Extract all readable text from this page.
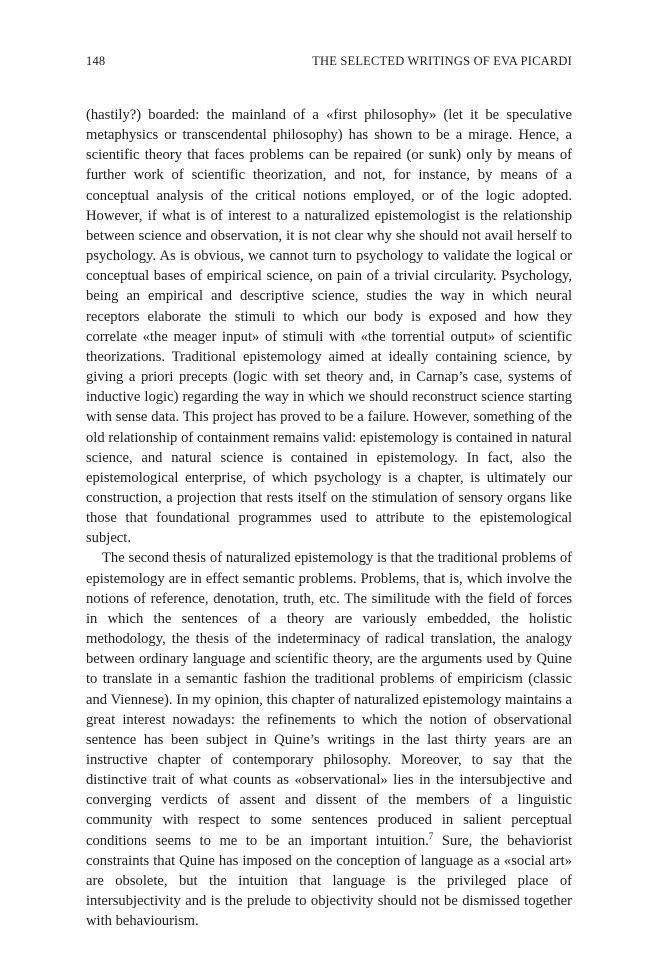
148	THE SELECTED WRITINGS OF EVA PICARDI

(hastily?) boarded: the mainland of a «first philosophy» (let it be speculative metaphysics or transcendental philosophy) has shown to be a mirage. Hence, a scientific theory that faces problems can be repaired (or sunk) only by means of further work of scientific theorization, and not, for instance, by means of a conceptual analysis of the critical notions employed, or of the logic adopted. However, if what is of interest to a naturalized epistemologist is the relationship between science and observation, it is not clear why she should not avail herself to psychology. As is obvious, we cannot turn to psychology to validate the logical or conceptual bases of empirical science, on pain of a trivial circularity. Psychology, being an empirical and descriptive science, studies the way in which neural receptors elaborate the stimuli to which our body is exposed and how they correlate «the meager input» of stimuli with «the torrential output» of scientific theorizations. Traditional epistemology aimed at ideally containing science, by giving a priori precepts (logic with set theory and, in Carnap’s case, systems of inductive logic) regarding the way in which we should reconstruct science starting with sense data. This project has proved to be a failure. However, something of the old relationship of containment remains valid: epistemology is contained in natural science, and natural science is contained in epistemology. In fact, also the epistemological enterprise, of which psychology is a chapter, is ultimately our construction, a projection that rests itself on the stimulation of sensory organs like those that foundational programmes used to attribute to the epistemological subject.

The second thesis of naturalized epistemology is that the traditional problems of epistemology are in effect semantic problems. Problems, that is, which involve the notions of reference, denotation, truth, etc. The similitude with the field of forces in which the sentences of a theory are variously embedded, the holistic methodology, the thesis of the indeterminacy of radical translation, the analogy between ordinary language and scientific theory, are the arguments used by Quine to translate in a semantic fashion the traditional problems of empiricism (classic and Viennese). In my opinion, this chapter of naturalized epistemology maintains a great interest nowadays: the refinements to which the notion of observational sentence has been subject in Quine’s writings in the last thirty years are an instructive chapter of contemporary philosophy. Moreover, to say that the distinctive trait of what counts as «observational» lies in the intersubjective and converging verdicts of assent and dissent of the members of a linguistic community with respect to some sentences produced in salient perceptual conditions seems to me to be an important intuition.$^7$ Sure, the behaviorist constraints that Quine has imposed on the conception of language as a «social art» are obsolete, but the intuition that language is the privileged place of intersubjectivity and is the prelude to objectivity should not be dismissed together with behaviourism.
